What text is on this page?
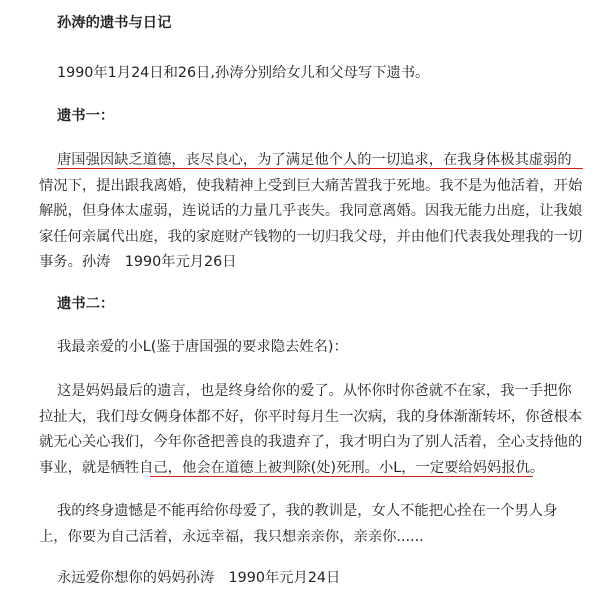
孙涛的遗书与日记
1990年1月24日和26日,孙涛分别给女儿和父母写下遗书。
遗书一：
唐国强因缺乏道德，丧尽良心，为了满足他个人的一切追求，在我身体极其虚弱的
情况下，提出跟我离婚，使我精神上受到巨大痛苦置我于死地。我不是为他活着，开始
解脱，但身体太虚弱，连说话的力量几乎丧失。我同意离婚。因我无能力出庭，让我娘
家任何亲属代出庭，我的家庭财产钱物的一切归我父母，并由他们代表我处理我的一切
事务。孙涛　1990年元月26日
遗书二：
我最亲爱的小L(鉴于唐国强的要求隐去姓名)：
这是妈妈最后的遗言，也是终身给你的爱了。从怀你时你爸就不在家，我一手把你
拉扯大，我们母女俩身体都不好，你平时每月生一次病，我的身体渐渐转坏，你爸根本
就无心关心我们，今年你爸把善良的我遗弃了，我才明白为了别人活着，全心支持他的
事业，就是牺牲自己，他会在道德上被判除(处)死刑。小L，一定要给妈妈报仇。
我的终身遗憾是不能再给你母爱了，我的教训是，女人不能把心拴在一个男人身
上，你要为自己活着，永远幸福，我只想亲亲你，亲亲你......
永远爱你想你的妈妈孙涛　1990年元月24日
